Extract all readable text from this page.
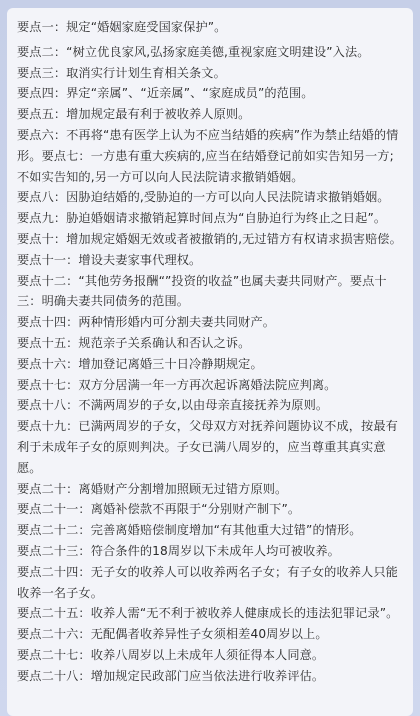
要点一：规定“婚姻家庭受国家保护”。

要点二：“树立优良家风,弘扬家庭美德,重视家庭文明建设”入法。

要点三：取消实行计划生育相关条文。

要点四：界定“亲属”、“近亲属”、“家庭成员”的范围。

要点五：增加规定最有利于被收养人原则。

要点六：不再将“患有医学上认为不应当结婚的疾病”作为禁止结婚的情形。要点七：一方患有重大疾病的,应当在结婚登记前如实告知另一方;不如实告知的,另一方可以向人民法院请求撤销婚姻。

要点八：因胁迫结婚的,受胁迫的一方可以向人民法院请求撤销婚姻。

要点九：胁迫婚姻请求撤销起算时间点为“自胁迫行为终止之日起”。

要点十：增加规定婚姻无效或者被撤销的,无过错方有权请求损害赔偿。

要点十一：增设夫妻家事代理权。

要点十二：“其他劳务报酬“”投资的收益”也属夫妻共同财产。要点十三：明确夫妻共同债务的范围。

要点十四：两种情形婚内可分割夫妻共同财产。

要点十五：规范亲子关系确认和否认之诉。

要点十六：增加登记离婚三十日冷静期规定。

要点十七：双方分居满一年一方再次起诉离婚法院应判离。

要点十八：不满两周岁的子女,以由母亲直接抚养为原则。

要点十九：已满两周岁的子女，父母双方对抚养问题协议不成，按最有利于未成年子女的原则判决。子女已满八周岁的，应当尊重其真实意愿。

要点二十：离婚财产分割增加照顾无过错方原则。

要点二十一：离婚补偿款不再限于“分别财产制下”。

要点二十二：完善离婚赔偿制度增加“有其他重大过错”的情形。

要点二十三：符合条件的18周岁以下未成年人均可被收养。

要点二十四：无子女的收养人可以收养两名子女；有子女的收养人只能收养一名子女。

要点二十五：收养人需“无不利于被收养人健康成长的违法犯罪记录”。

要点二十六：无配偶者收养异性子女须相差40周岁以上。

要点二十七：收养八周岁以上未成年人须征得本人同意。

要点二十八：增加规定民政部门应当依法进行收养评估。
